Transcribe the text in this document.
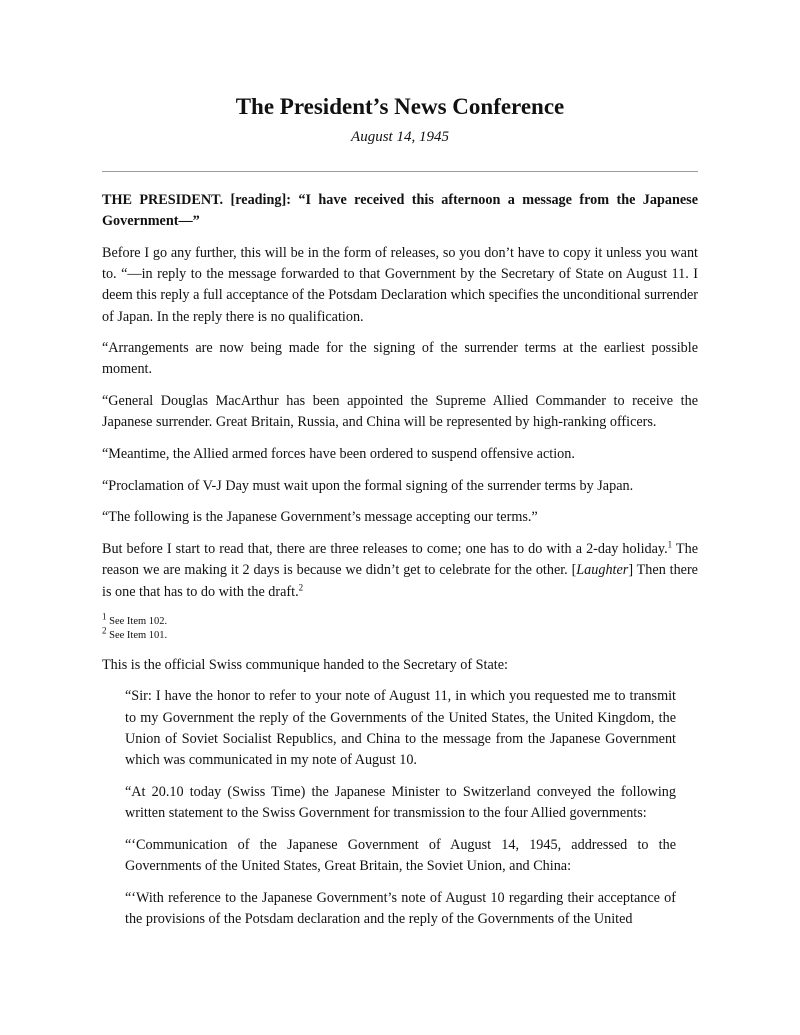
The President’s News Conference
August 14, 1945

THE PRESIDENT. [reading]: “I have received this afternoon a message from the Japanese Government—”

Before I go any further, this will be in the form of releases, so you don’t have to copy it unless you want to. “—in reply to the message forwarded to that Government by the Secretary of State on August 11. I deem this reply a full acceptance of the Potsdam Declaration which specifies the unconditional surrender of Japan. In the reply there is no qualification.

“Arrangements are now being made for the signing of the surrender terms at the earliest possible moment.

“General Douglas MacArthur has been appointed the Supreme Allied Commander to receive the Japanese surrender. Great Britain, Russia, and China will be represented by high-ranking officers.

“Meantime, the Allied armed forces have been ordered to suspend offensive action.

“Proclamation of V-J Day must wait upon the formal signing of the surrender terms by Japan.

“The following is the Japanese Government’s message accepting our terms.”

But before I start to read that, there are three releases to come; one has to do with a 2-day holiday.$^1$ The reason we are making it 2 days is because we didn’t get to celebrate for the other. [Laughter] Then there is one that has to do with the draft.$^2$

$^1$ See Item 102.
$^2$ See Item 101.

This is the official Swiss communique handed to the Secretary of State:

“Sir: I have the honor to refer to your note of August 11, in which you requested me to transmit to my Government the reply of the Governments of the United States, the United Kingdom, the Union of Soviet Socialist Republics, and China to the message from the Japanese Government which was communicated in my note of August 10.

“At 20.10 today (Swiss Time) the Japanese Minister to Switzerland conveyed the following written statement to the Swiss Government for transmission to the four Allied governments:

“‘Communication of the Japanese Government of August 14, 1945, addressed to the Governments of the United States, Great Britain, the Soviet Union, and China:

“‘With reference to the Japanese Government’s note of August 10 regarding their acceptance of the provisions of the Potsdam declaration and the reply of the Governments of the United
